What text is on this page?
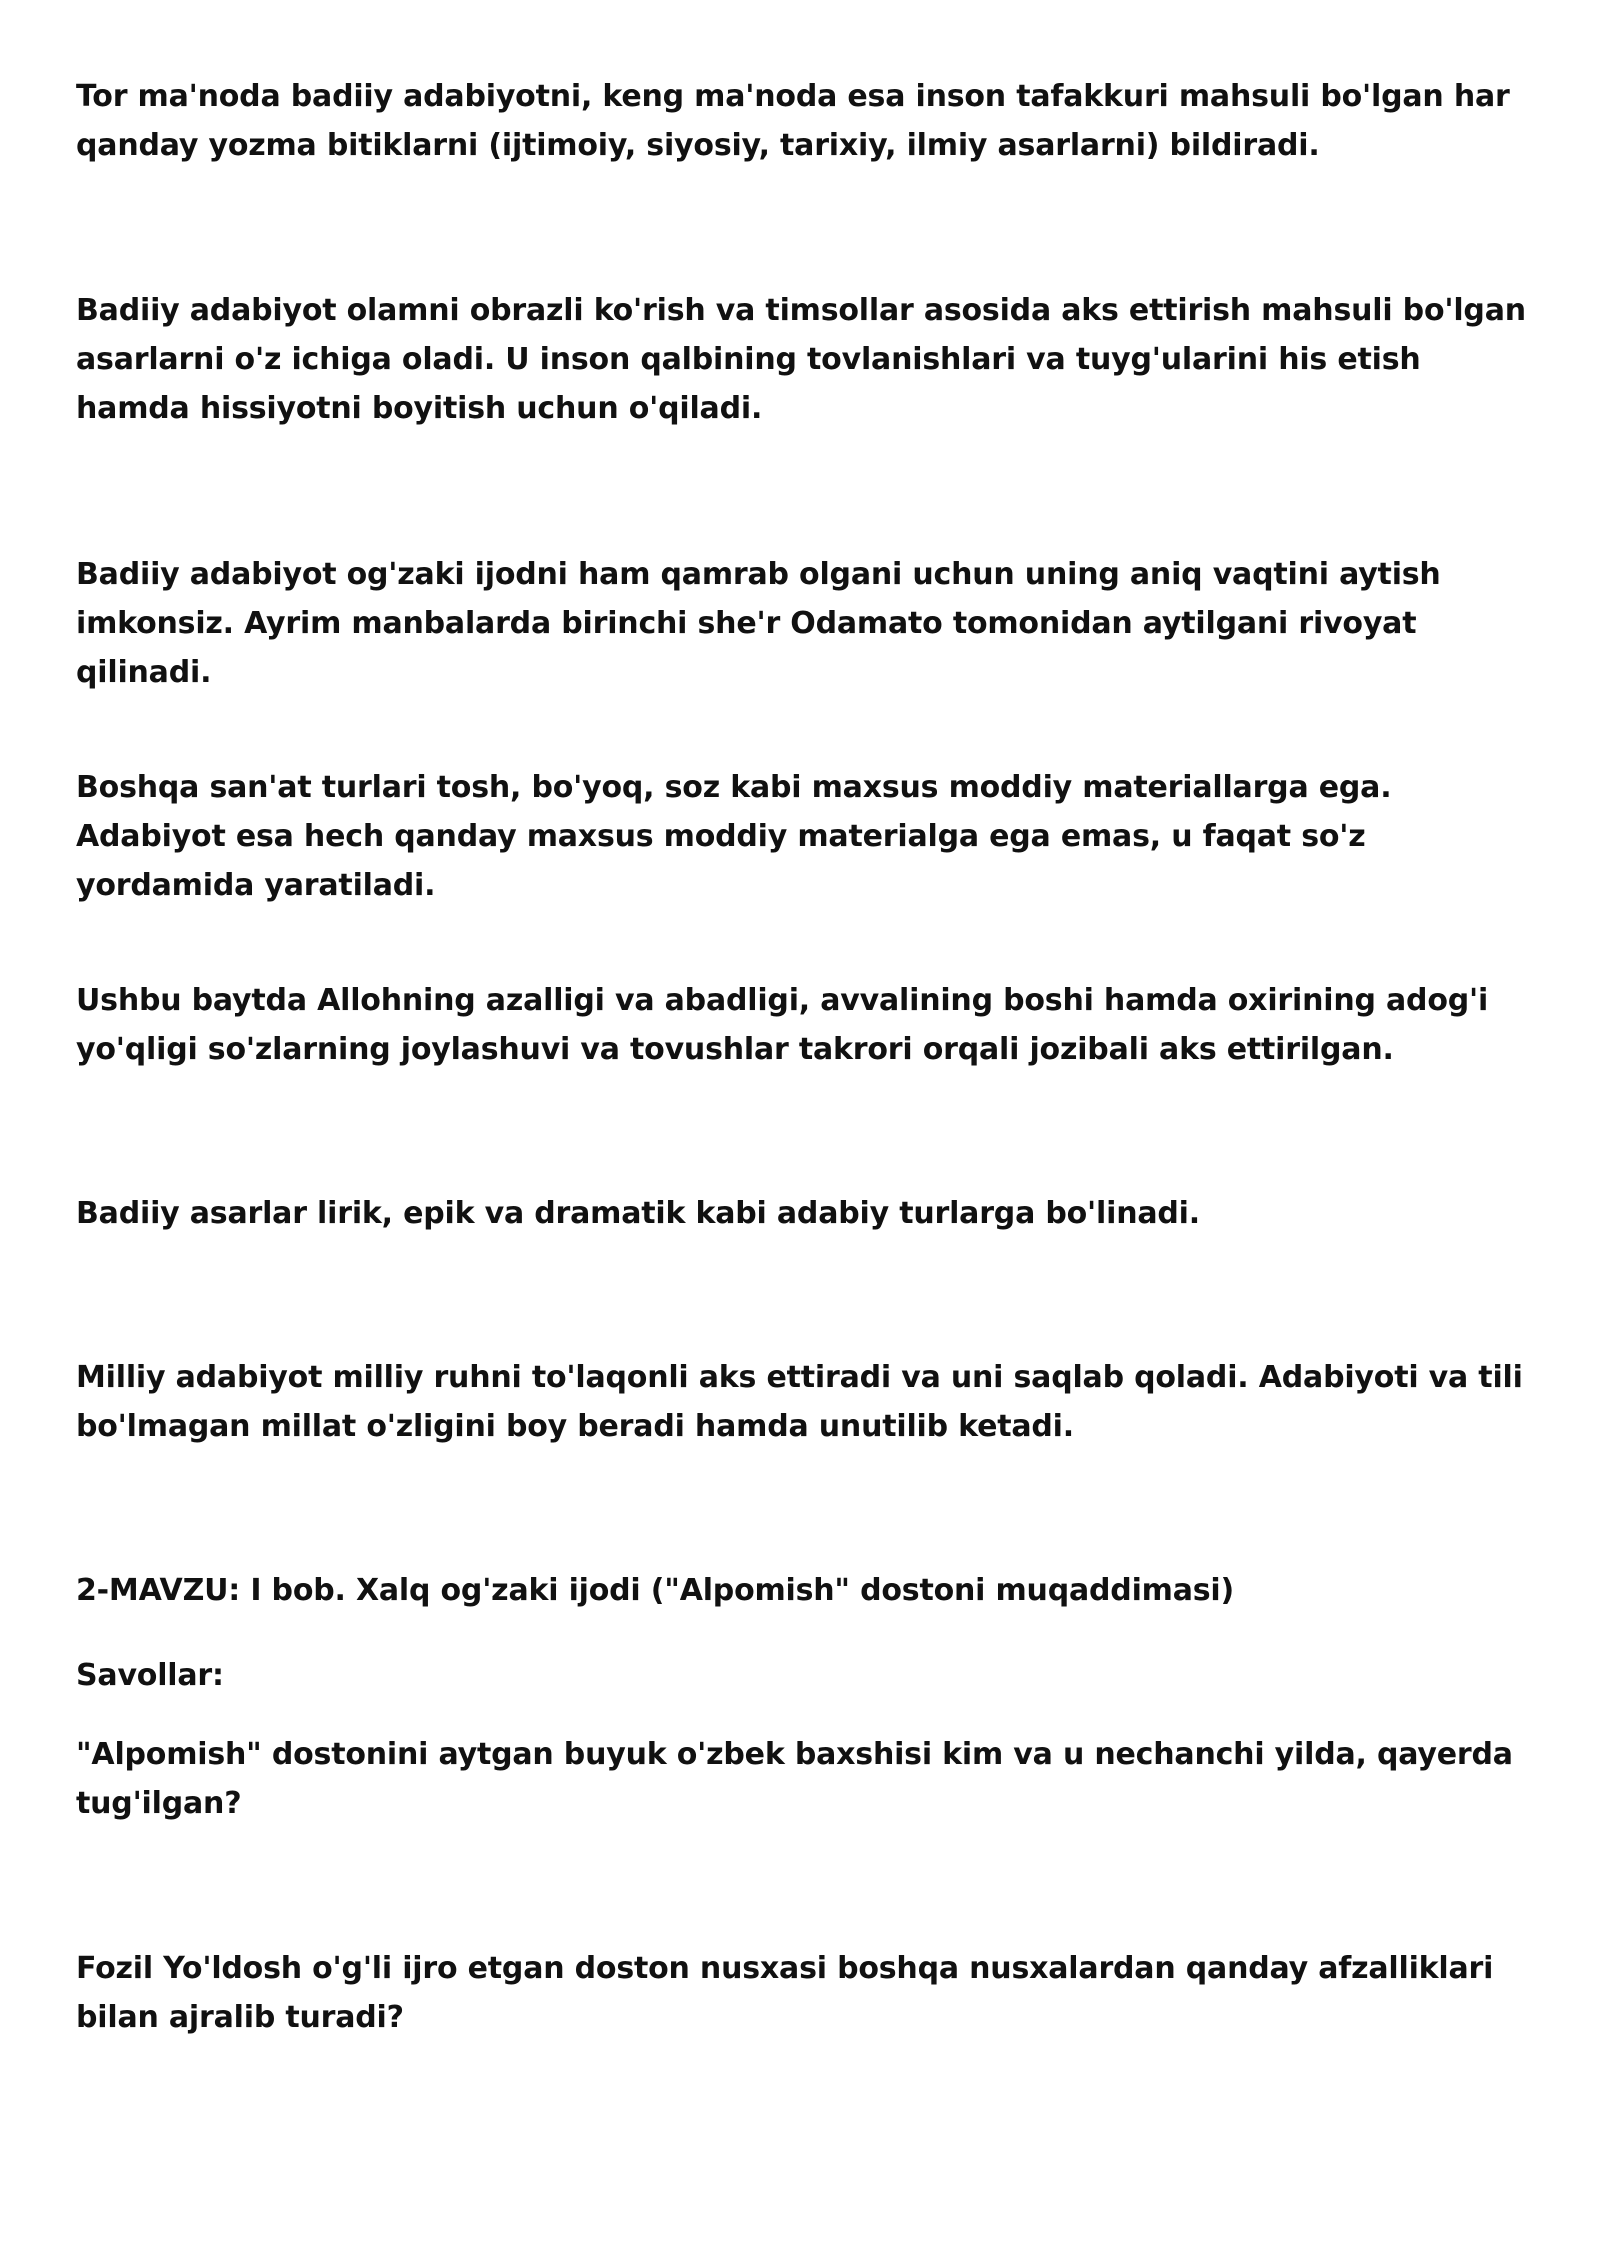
Tor ma'noda badiiy adabiyotni, keng ma'noda esa inson tafakkuri mahsuli bo'lgan har qanday yozma bitiklarni (ijtimoiy, siyosiy, tarixiy, ilmiy asarlarni) bildiradi.

Badiiy adabiyot olamni obrazli ko'rish va timsollar asosida aks ettirish mahsuli bo'lgan asarlarni o'z ichiga oladi. U inson qalbining tovlanishlari va tuyg'ularini his etish hamda hissiyotni boyitish uchun o'qiladi.

Badiiy adabiyot og'zaki ijodni ham qamrab olgani uchun uning aniq vaqtini aytish imkonsiz. Ayrim manbalarda birinchi she'r Odamato tomonidan aytilgani rivoyat qilinadi.

Boshqa san'at turlari tosh, bo'yoq, soz kabi maxsus moddiy materiallarga ega. Adabiyot esa hech qanday maxsus moddiy materialga ega emas, u faqat so'z yordamida yaratiladi.

Ushbu baytda Allohning azalligi va abadligi, avvalining boshi hamda oxirining adog'i yo'qligi so'zlarning joylashuvi va tovushlar takrori orqali jozibali aks ettirilgan.

Badiiy asarlar lirik, epik va dramatik kabi adabiy turlarga bo'linadi.

Milliy adabiyot milliy ruhni to'laqonli aks ettiradi va uni saqlab qoladi. Adabiyoti va tili bo'lmagan millat o'zligini boy beradi hamda unutilib ketadi.

2-MAVZU: I bob. Xalq og'zaki ijodi ("Alpomish" dostoni muqaddimasi)

Savollar:

"Alpomish" dostonini aytgan buyuk o'zbek baxshisi kim va u nechanchi yilda, qayerda tug'ilgan?

Fozil Yo'ldosh o'g'li ijro etgan doston nusxasi boshqa nusxalardan qanday afzalliklari bilan ajralib turadi?
